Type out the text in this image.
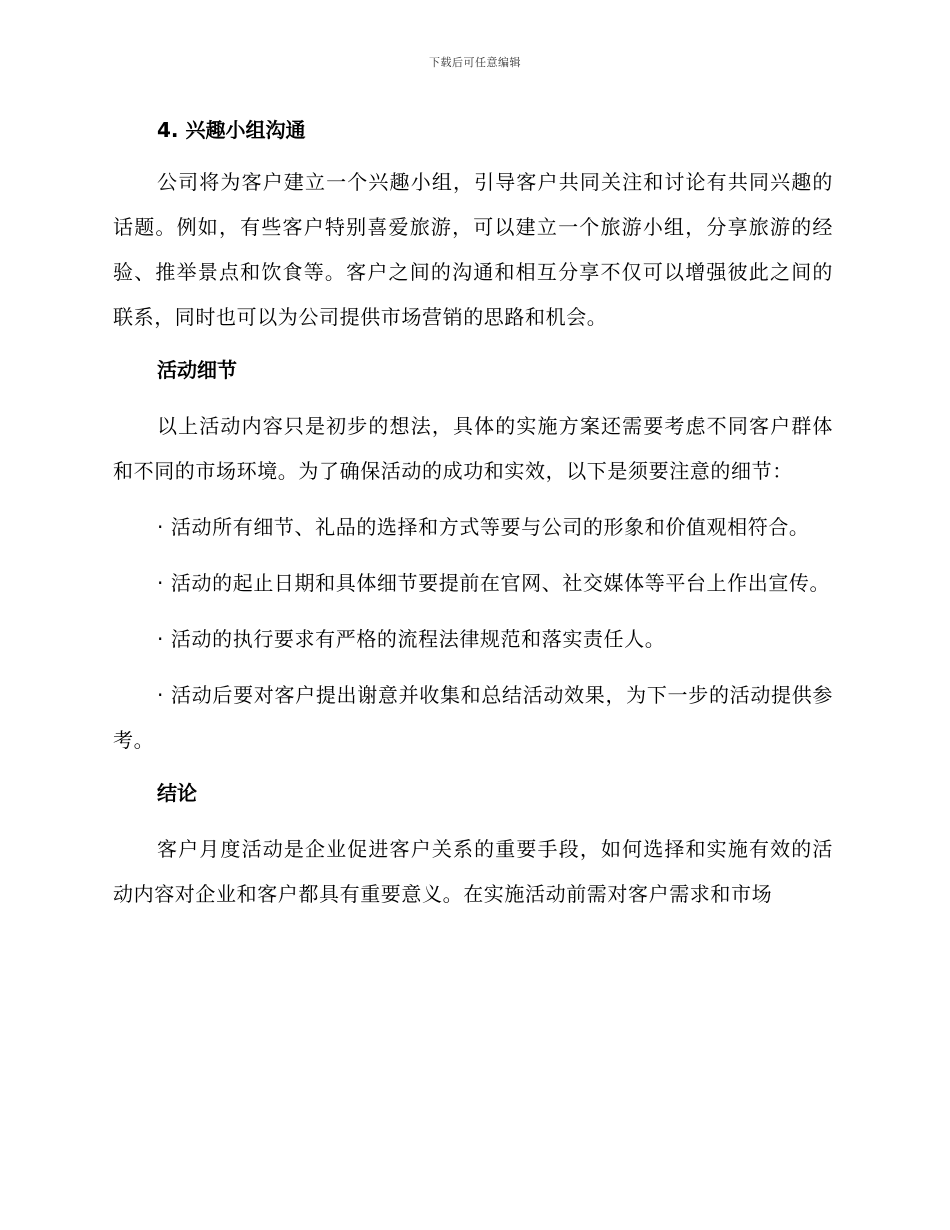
下载后可任意编辑

4. 兴趣小组沟通

公司将为客户建立一个兴趣小组，引导客户共同关注和讨论有共同兴趣的话题。例如，有些客户特别喜爱旅游，可以建立一个旅游小组，分享旅游的经验、推举景点和饮食等。客户之间的沟通和相互分享不仅可以增强彼此之间的联系，同时也可以为公司提供市场营销的思路和机会。

活动细节

以上活动内容只是初步的想法，具体的实施方案还需要考虑不同客户群体和不同的市场环境。为了确保活动的成功和实效，以下是须要注意的细节：

· 活动所有细节、礼品的选择和方式等要与公司的形象和价值观相符合。

· 活动的起止日期和具体细节要提前在官网、社交媒体等平台上作出宣传。

· 活动的执行要求有严格的流程法律规范和落实责任人。

· 活动后要对客户提出谢意并收集和总结活动效果，为下一步的活动提供参考。

结论

客户月度活动是企业促进客户关系的重要手段，如何选择和实施有效的活动内容对企业和客户都具有重要意义。在实施活动前需对客户需求和市场
